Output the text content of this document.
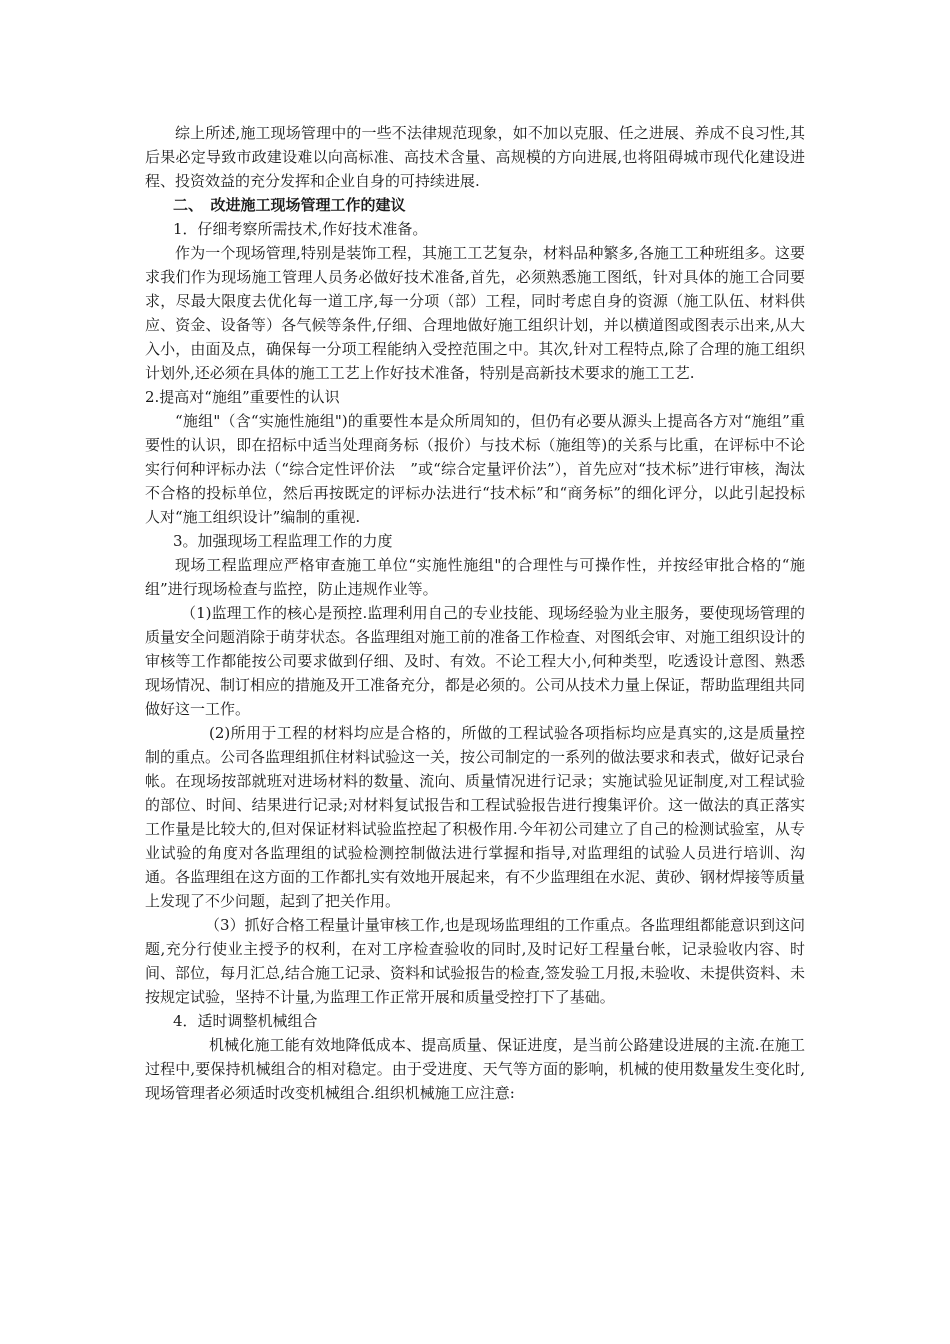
综上所述,施工现场管理中的一些不法律规范现象，如不加以克服、任之进展、养成不良习性,其后果必定导致市政建设难以向高标准、高技术含量、高规模的方向进展,也将阻碍城市现代化建设进程、投资效益的充分发挥和企业自身的可持续进展.

二、　改进施工现场管理工作的建议

1．仔细考察所需技术,作好技术准备。

作为一个现场管理,特别是装饰工程，其施工工艺复杂，材料品种繁多,各施工工种班组多。这要求我们作为现场施工管理人员务必做好技术准备,首先，必须熟悉施工图纸，针对具体的施工合同要求，尽最大限度去优化每一道工序,每一分项（部）工程，同时考虑自身的资源（施工队伍、材料供应、资金、设备等）各气候等条件,仔细、合理地做好施工组织计划，并以横道图或图表示出来,从大入小，由面及点，确保每一分项工程能纳入受控范围之中。其次,针对工程特点,除了合理的施工组织计划外,还必须在具体的施工工艺上作好技术准备，特别是高新技术要求的施工工艺.

2.提高对“施组”重要性的认识

“施组"（含“实施性施组")的重要性本是众所周知的，但仍有必要从源头上提高各方对“施组”重要性的认识，即在招标中适当处理商务标（报价）与技术标（施组等)的关系与比重，在评标中不论实行何种评标办法（“综合定性评价法　”或“综合定量评价法”），首先应对“技术标”进行审核，淘汰不合格的投标单位，然后再按既定的评标办法进行“技术标”和“商务标”的细化评分，以此引起投标人对“施工组织设计”编制的重视.

3。加强现场工程监理工作的力度

现场工程监理应严格审查施工单位“实施性施组"的合理性与可操作性，并按经审批合格的“施组”进行现场检查与监控，防止违规作业等。

（1)监理工作的核心是预控.监理利用自己的专业技能、现场经验为业主服务，要使现场管理的质量安全问题消除于萌芽状态。各监理组对施工前的准备工作检查、对图纸会审、对施工组织设计的审核等工作都能按公司要求做到仔细、及时、有效。不论工程大小,何种类型，吃透设计意图、熟悉现场情况、制订相应的措施及开工准备充分，都是必须的。公司从技术力量上保证，帮助监理组共同做好这一工作。

(2)所用于工程的材料均应是合格的，所做的工程试验各项指标均应是真实的,这是质量控制的重点。公司各监理组抓住材料试验这一关，按公司制定的一系列的做法要求和表式，做好记录台帐。在现场按部就班对进场材料的数量、流向、质量情况进行记录；实施试验见证制度,对工程试验的部位、时间、结果进行记录;对材料复试报告和工程试验报告进行搜集评价。这一做法的真正落实工作量是比较大的,但对保证材料试验监控起了积极作用.今年初公司建立了自己的检测试验室，从专业试验的角度对各监理组的试验检测控制做法进行掌握和指导,对监理组的试验人员进行培训、沟通。各监理组在这方面的工作都扎实有效地开展起来，有不少监理组在水泥、黄砂、钢材焊接等质量上发现了不少问题，起到了把关作用。

（3）抓好合格工程量计量审核工作,也是现场监理组的工作重点。各监理组都能意识到这问题,充分行使业主授予的权利，在对工序检查验收的同时,及时记好工程量台帐，记录验收内容、时间、部位，每月汇总,结合施工记录、资料和试验报告的检查,签发验工月报,未验收、未提供资料、未按规定试验，坚持不计量,为监理工作正常开展和质量受控打下了基础。

4．适时调整机械组合

机械化施工能有效地降低成本、提高质量、保证进度，是当前公路建设进展的主流.在施工过程中,要保持机械组合的相对稳定。由于受进度、天气等方面的影响，机械的使用数量发生变化时,现场管理者必须适时改变机械组合.组织机械施工应注意:
